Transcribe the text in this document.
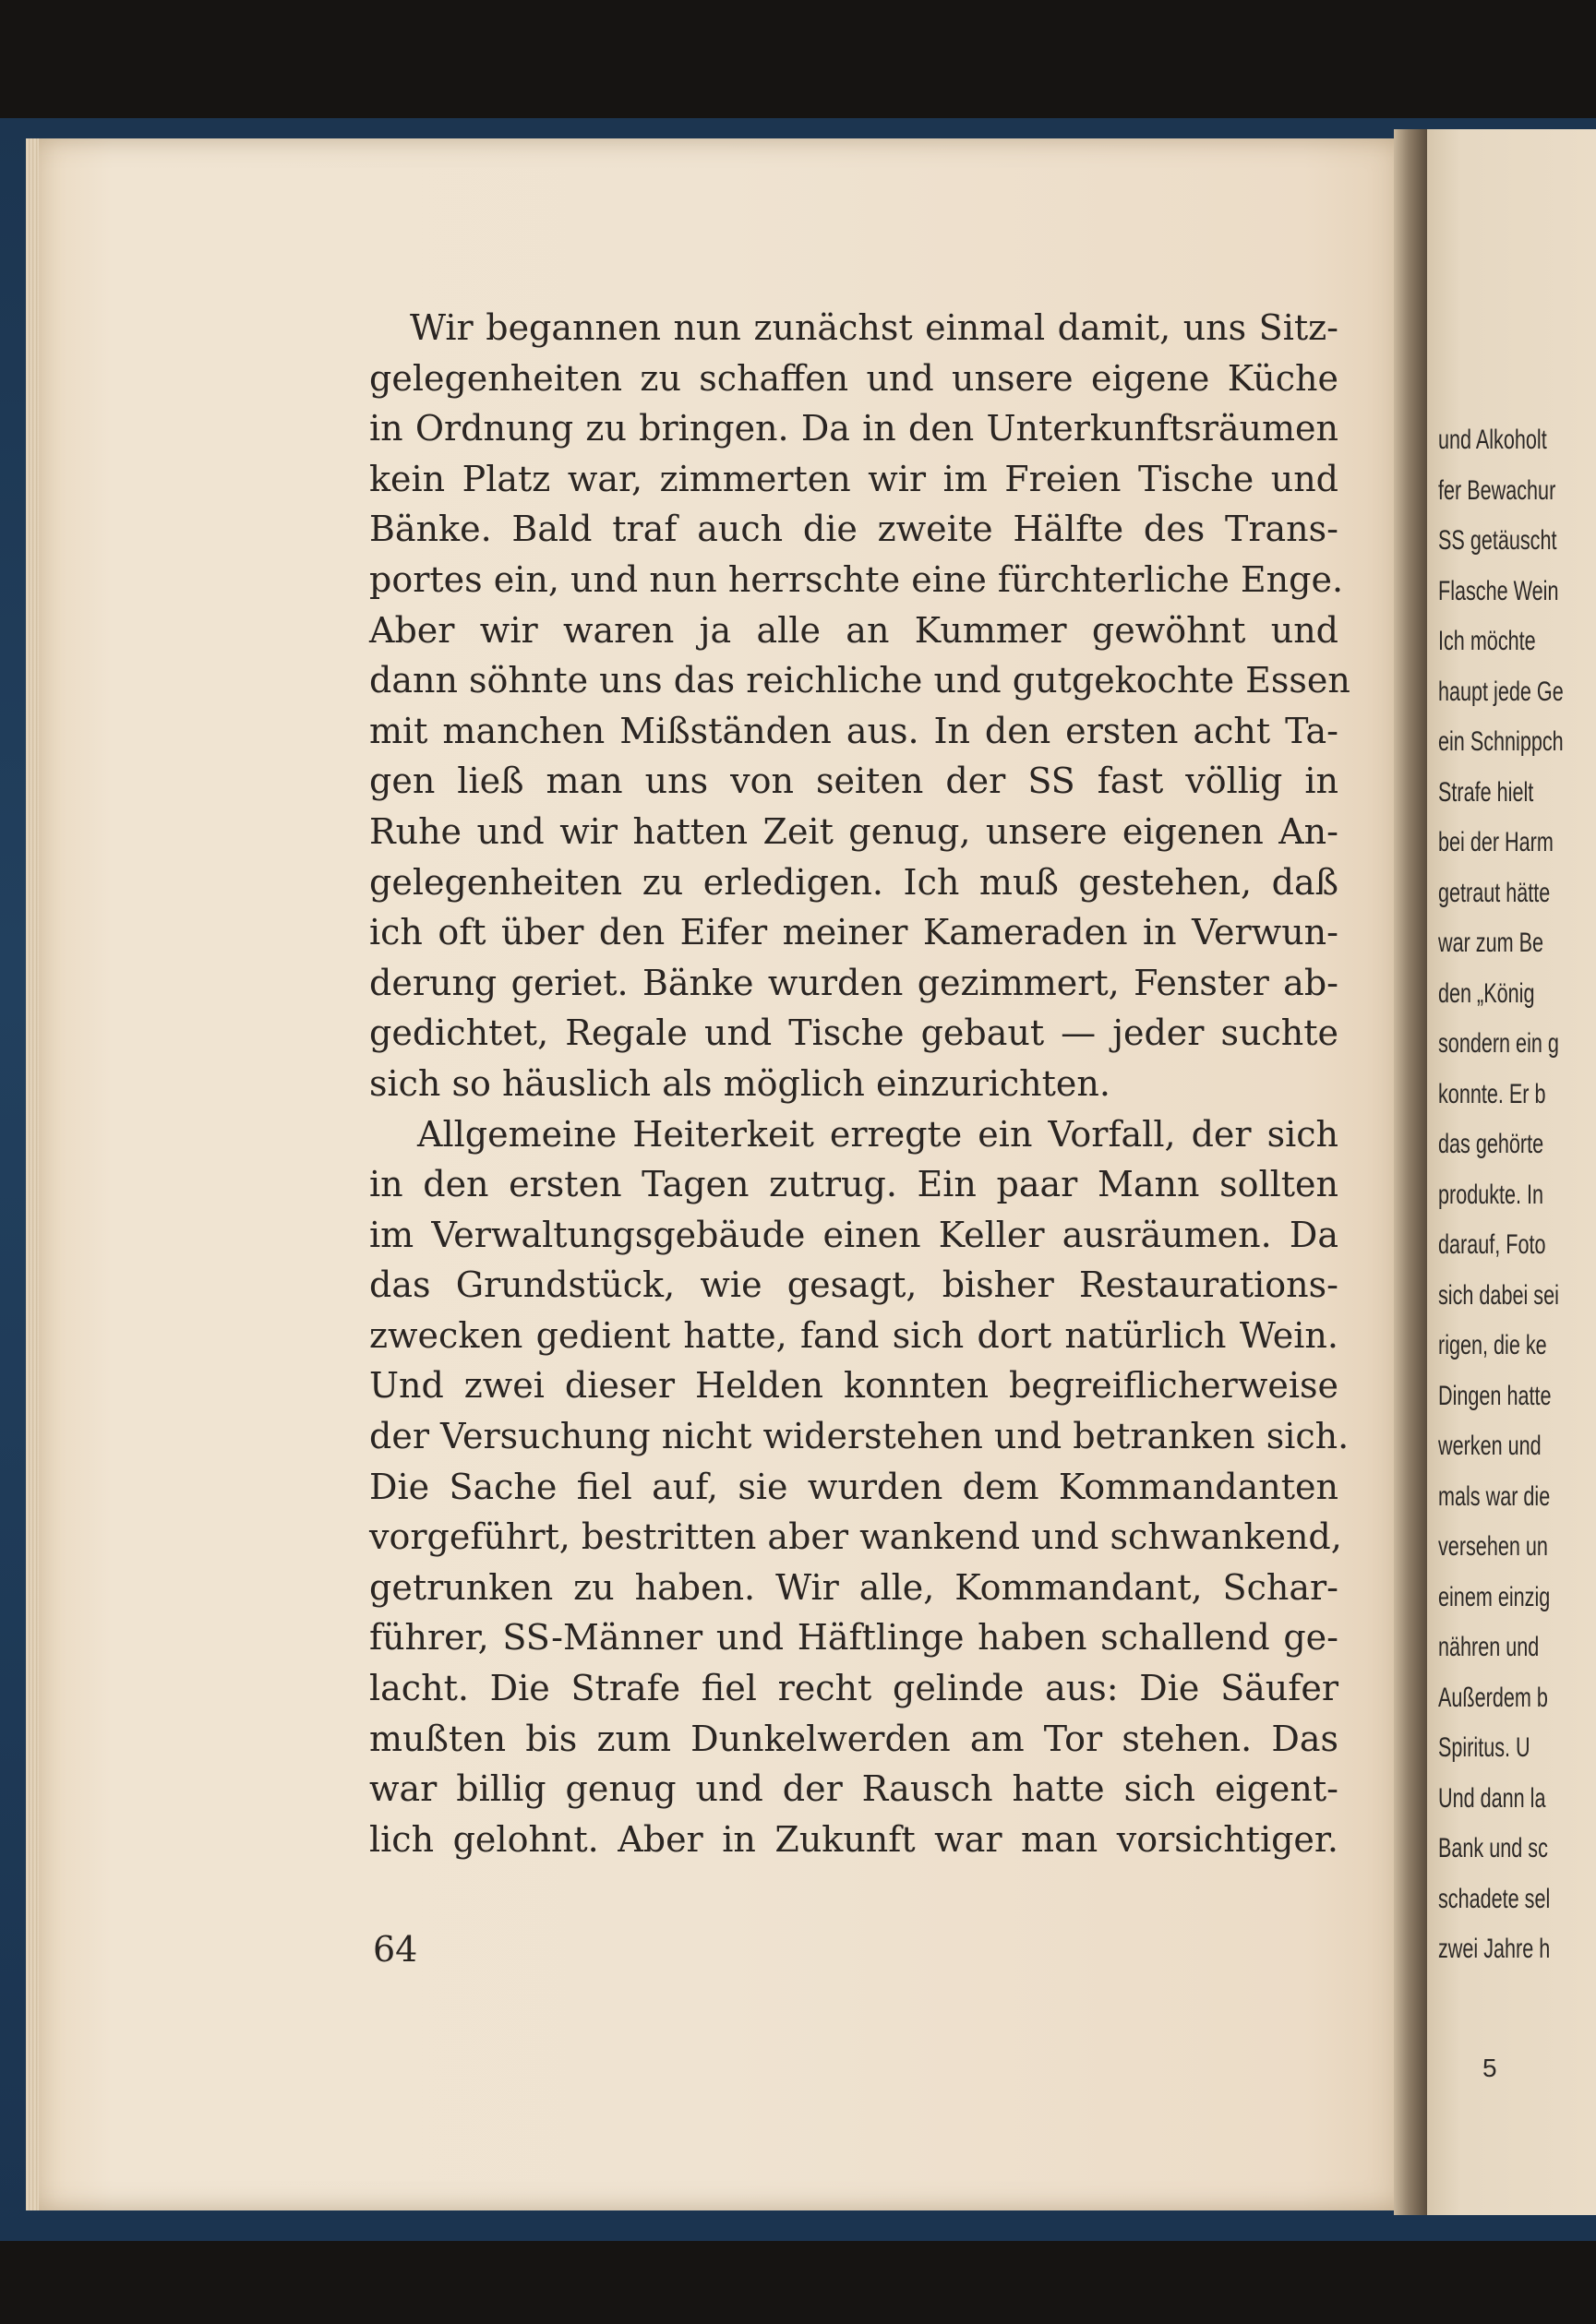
Wir begannen nun zunächst einmal damit, uns Sitz-
gelegenheiten zu schaffen und unsere eigene Küche
in Ordnung zu bringen. Da in den Unterkunftsräumen
kein Platz war, zimmerten wir im Freien Tische und
Bänke. Bald traf auch die zweite Hälfte des Trans-
portes ein, und nun herrschte eine fürchterliche Enge.
Aber wir waren ja alle an Kummer gewöhnt und
dann söhnte uns das reichliche und gutgekochte Essen
mit manchen Mißständen aus. In den ersten acht Ta-
gen ließ man uns von seiten der SS fast völlig in
Ruhe und wir hatten Zeit genug, unsere eigenen An-
gelegenheiten zu erledigen. Ich muß gestehen, daß
ich oft über den Eifer meiner Kameraden in Verwun-
derung geriet. Bänke wurden gezimmert, Fenster ab-
gedichtet, Regale und Tische gebaut — jeder suchte
sich so häuslich als möglich einzurichten.
Allgemeine Heiterkeit erregte ein Vorfall, der sich
in den ersten Tagen zutrug. Ein paar Mann sollten
im Verwaltungsgebäude einen Keller ausräumen. Da
das Grundstück, wie gesagt, bisher Restaurations-
zwecken gedient hatte, fand sich dort natürlich Wein.
Und zwei dieser Helden konnten begreiflicherweise
der Versuchung nicht widerstehen und betranken sich.
Die Sache fiel auf, sie wurden dem Kommandanten
vorgeführt, bestritten aber wankend und schwankend,
getrunken zu haben. Wir alle, Kommandant, Schar-
führer, SS-Männer und Häftlinge haben schallend ge-
lacht. Die Strafe fiel recht gelinde aus: Die Säufer
mußten bis zum Dunkelwerden am Tor stehen. Das
war billig genug und der Rausch hatte sich eigent-
lich gelohnt. Aber in Zukunft war man vorsichtiger.
64
und Alkoholt
fer Bewachur
SS getäuscht
Flasche Wein
Ich möchte
haupt jede Ge
ein Schnippch
Strafe hielt
bei der Harm
getraut hätte
war zum Be
den „König
sondern ein g
konnte. Er b
das gehörte
produkte. In
darauf, Foto
sich dabei sei
rigen, die ke
Dingen hatte
werken und
mals war die
versehen un
einem einzig
nähren und
Außerdem b
Spiritus. U
Und dann la
Bank und sc
schadete sel
zwei Jahre h
5
